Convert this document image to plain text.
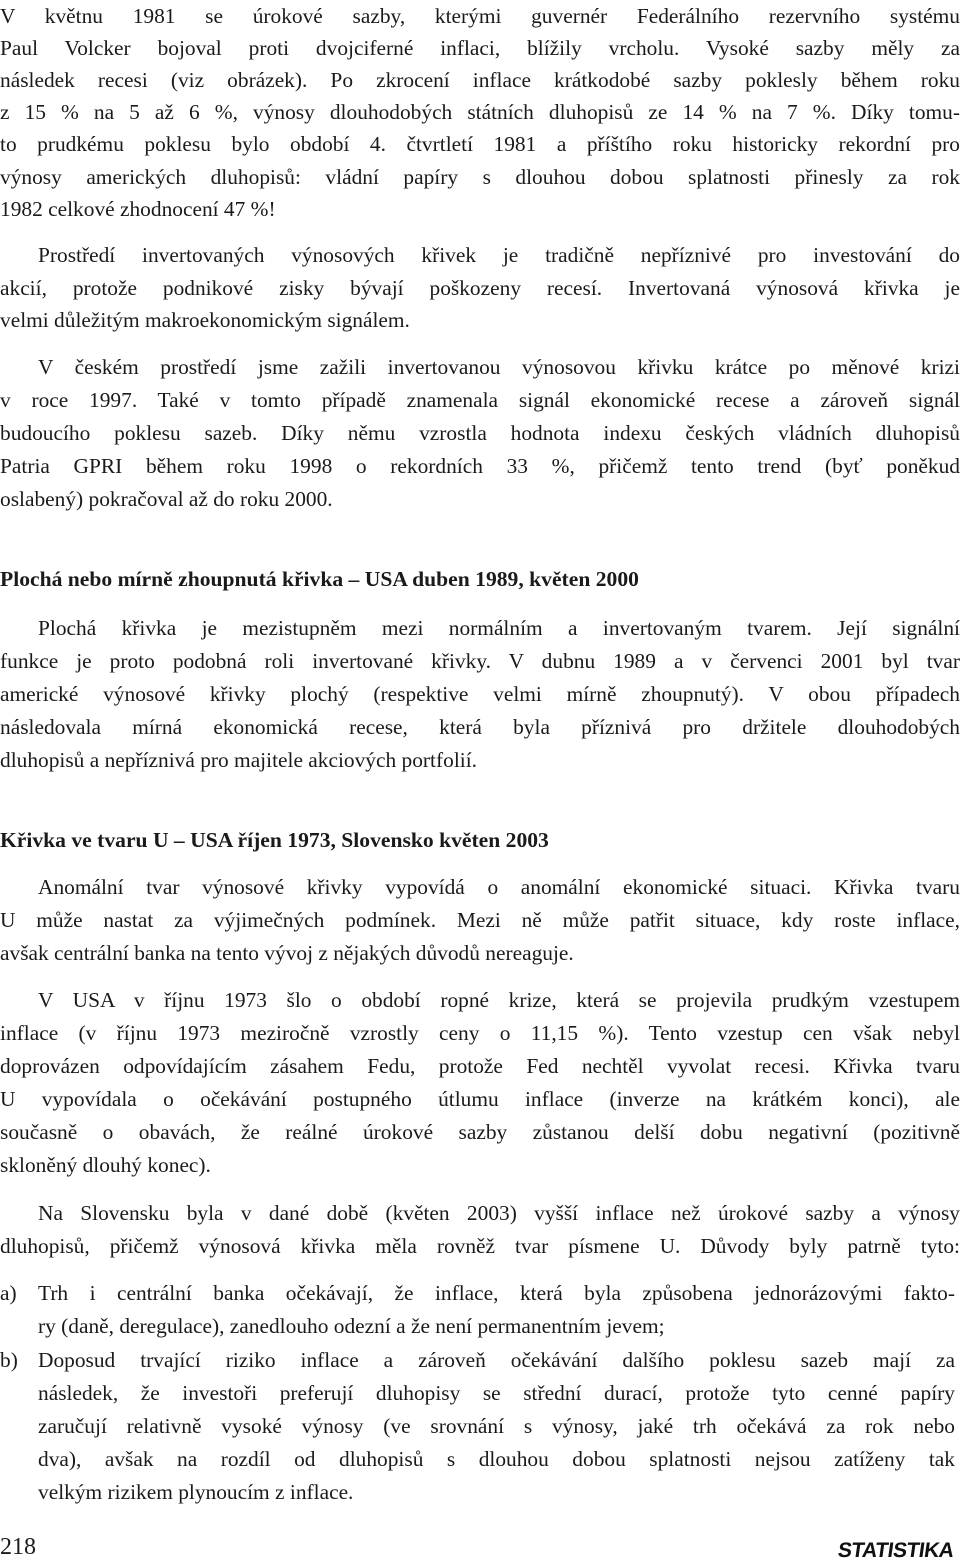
V květnu 1981 se úrokové sazby, kterými guvernér Federálního rezervního systému
Paul Volcker bojoval proti dvojciferné inflaci, blížily vrcholu. Vysoké sazby měly za
následek recesi (viz obrázek). Po zkrocení inflace krátkodobé sazby poklesly během roku
z 15 % na 5 až 6 %, výnosy dlouhodobých státních dluhopisů ze 14 % na 7 %. Díky tomu-
to prudkému poklesu bylo období 4. čtvrtletí 1981 a příštího roku historicky rekordní pro
výnosy amerických dluhopisů: vládní papíry s dlouhou dobou splatnosti přinesly za rok
1982 celkové zhodnocení 47 %!
Prostředí invertovaných výnosových křivek je tradičně nepříznivé pro investování do
akcií, protože podnikové zisky bývají poškozeny recesí. Invertovaná výnosová křivka je
velmi důležitým makroekonomickým signálem.
V českém prostředí jsme zažili invertovanou výnosovou křivku krátce po měnové krizi
v roce 1997. Také v tomto případě znamenala signál ekonomické recese a zároveň signál
budoucího poklesu sazeb. Díky němu vzrostla hodnota indexu českých vládních dluhopisů
Patria GPRI během roku 1998 o rekordních 33 %, přičemž tento trend (byť poněkud
oslabený) pokračoval až do roku 2000.
Plochá nebo mírně zhoupnutá křivka – USA duben 1989, květen 2000
Plochá křivka je mezistupněm mezi normálním a invertovaným tvarem. Její signální
funkce je proto podobná roli invertované křivky. V dubnu 1989 a v červenci 2001 byl tvar
americké výnosové křivky plochý (respektive velmi mírně zhoupnutý). V obou případech
následovala mírná ekonomická recese, která byla příznivá pro držitele dlouhodobých
dluhopisů a nepříznivá pro majitele akciových portfolií.
Křivka ve tvaru U – USA říjen 1973, Slovensko květen 2003
Anomální tvar výnosové křivky vypovídá o anomální ekonomické situaci. Křivka tvaru
U může nastat za výjimečných podmínek. Mezi ně může patřit situace, kdy roste inflace,
avšak centrální banka na tento vývoj z nějakých důvodů nereaguje.
V USA v říjnu 1973 šlo o období ropné krize, která se projevila prudkým vzestupem
inflace (v říjnu 1973 meziročně vzrostly ceny o 11,15 %). Tento vzestup cen však nebyl
doprovázen odpovídajícím zásahem Fedu, protože Fed nechtěl vyvolat recesi. Křivka tvaru
U vypovídala o očekávání postupného útlumu inflace (inverze na krátkém konci), ale
současně o obavách, že reálné úrokové sazby zůstanou delší dobu negativní (pozitivně
skloněný dlouhý konec).
Na Slovensku byla v dané době (květen 2003) vyšší inflace než úrokové sazby a výnosy
dluhopisů, přičemž výnosová křivka měla rovněž tvar písmene U. Důvody byly patrně tyto:
a) Trh i centrální banka očekávají, že inflace, která byla způsobena jednorázovými fakto-
ry (daně, deregulace), zanedlouho odezní a že není permanentním jevem;
b) Doposud trvající riziko inflace a zároveň očekávání dalšího poklesu sazeb mají za
následek, že investoři preferují dluhopisy se střední durací, protože tyto cenné papíry
zaručují relativně vysoké výnosy (ve srovnání s výnosy, jaké trh očekává za rok nebo
dva), avšak na rozdíl od dluhopisů s dlouhou dobou splatnosti nejsou zatíženy tak
velkým rizikem plynoucím z inflace.
218	STATISTIKA
